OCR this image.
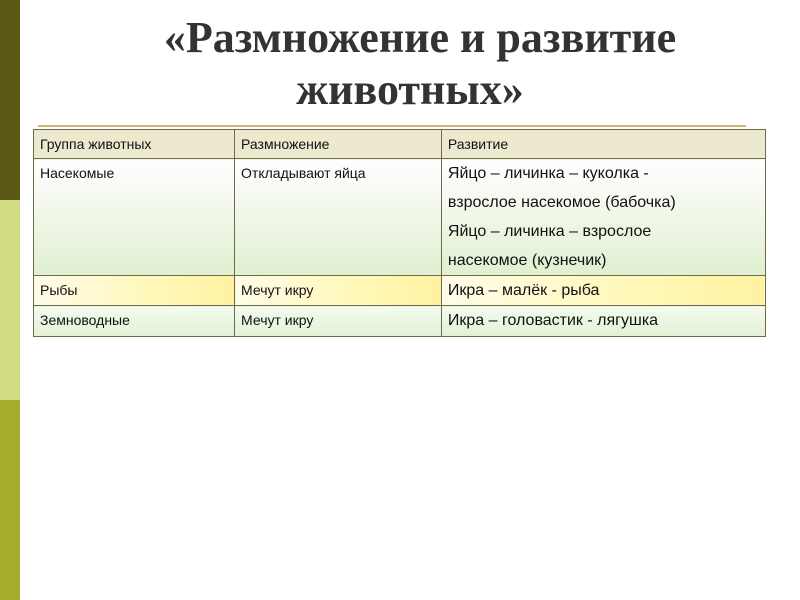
«Размножение и развитие
животных»
Группа животных	Размножение	Развитие
Насекомые	Откладывают яйца	Яйцо – личинка – куколка -
взрослое насекомое (бабочка)
Яйцо – личинка – взрослое
насекомое (кузнечик)

Рыбы	Мечут икру	Икра – малёк - рыба

Земноводные	Мечут икру	Икра – головастик - лягушка
